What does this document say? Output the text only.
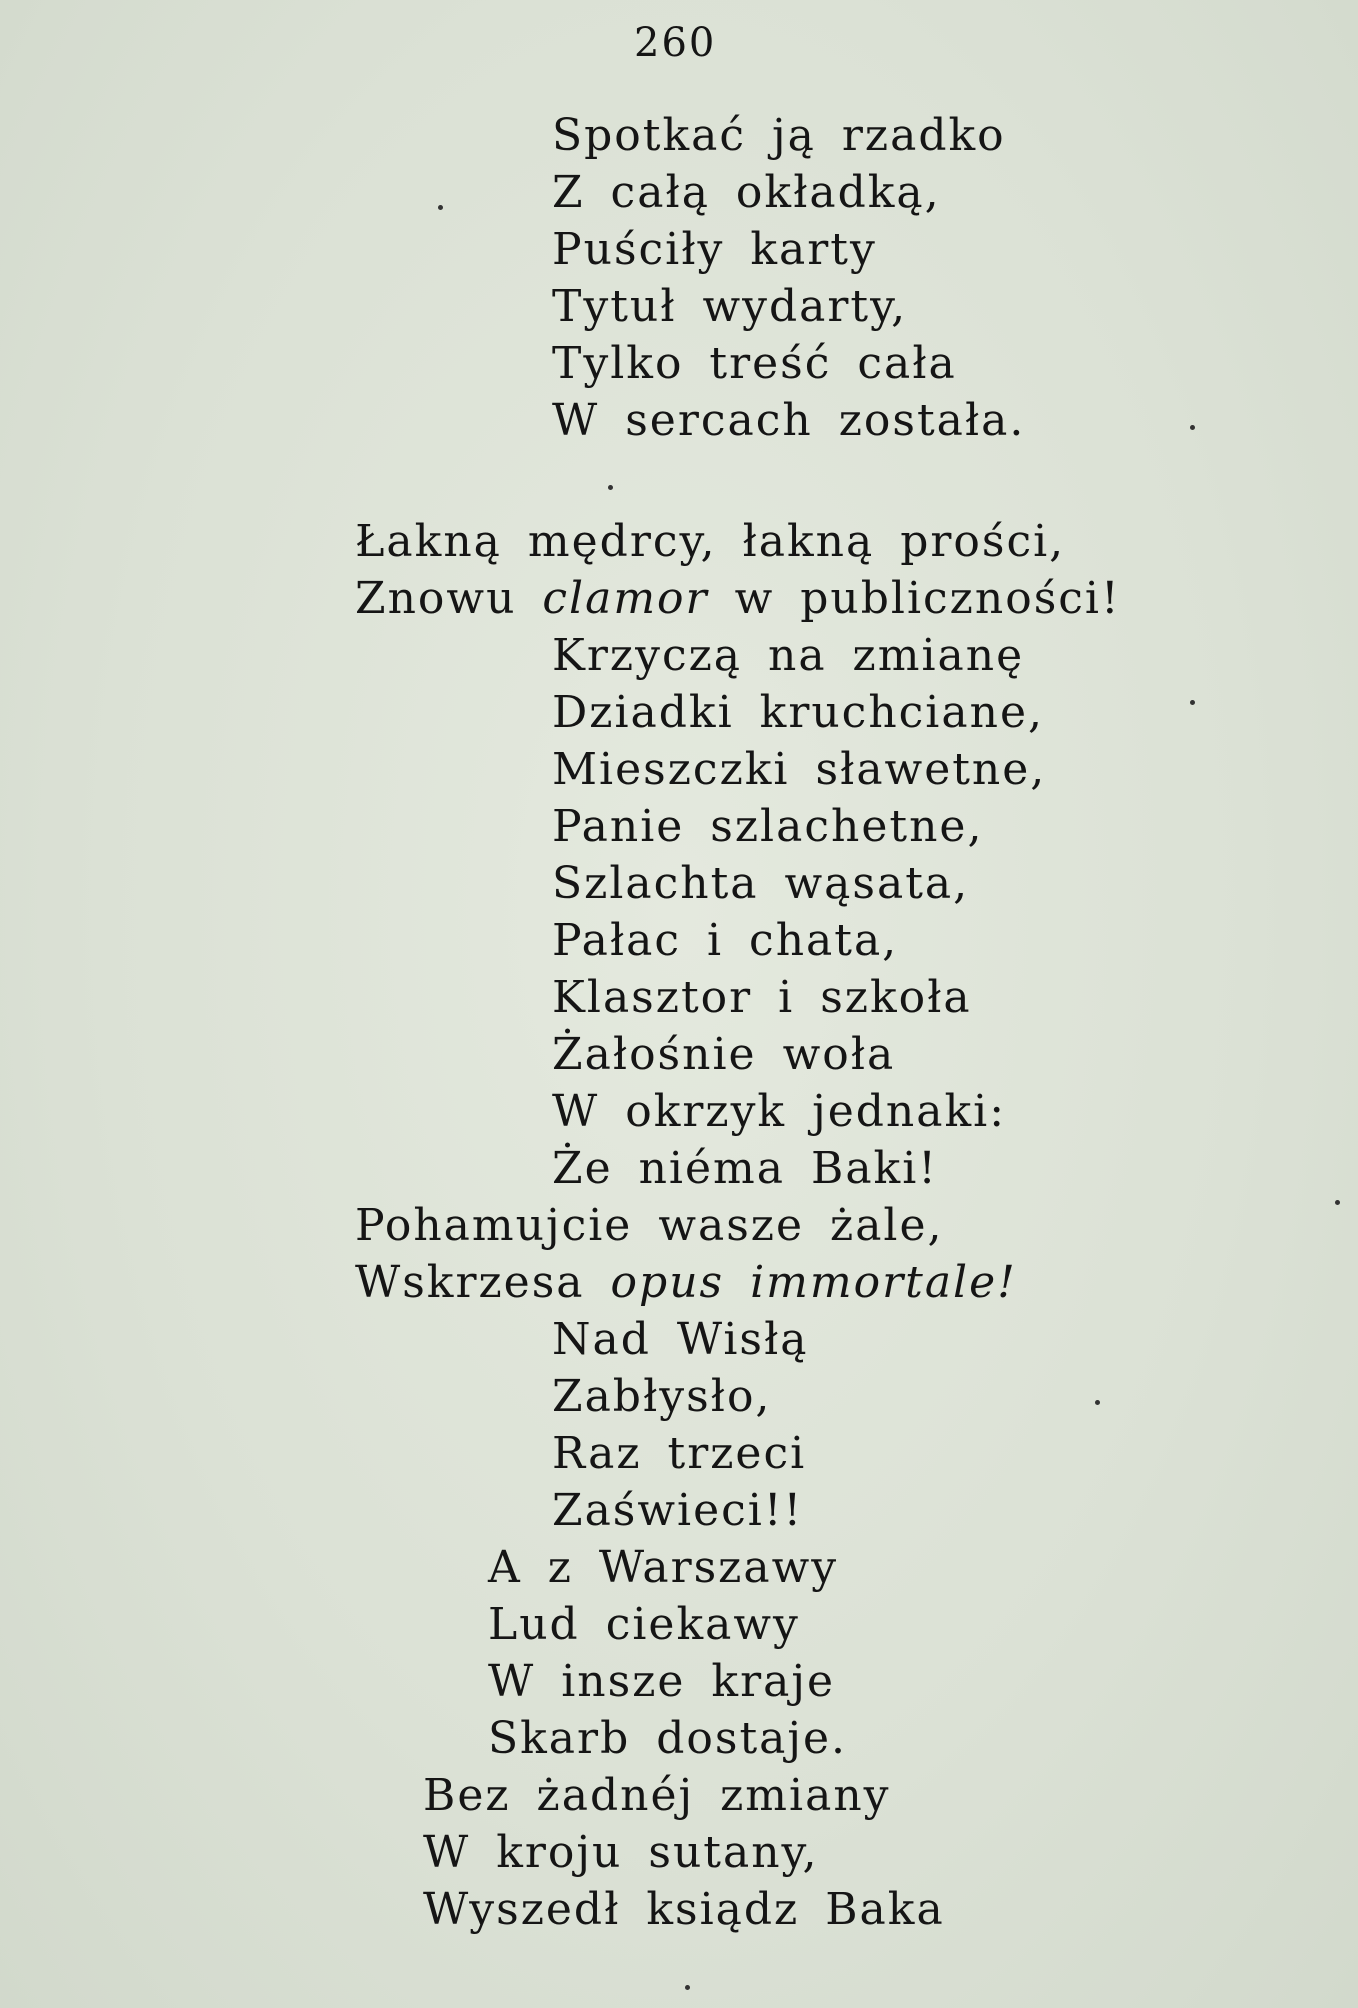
260
Spotkać ją rzadko
Z całą okładką,
Puściły karty
Tytuł wydarty,
Tylko treść cała
W sercach została.
Łakną mędrcy, łakną prości,
Znowu clamor w publiczności!
Krzyczą na zmianę
Dziadki kruchciane,
Mieszczki sławetne,
Panie szlachetne,
Szlachta wąsata,
Pałac i chata,
Klasztor i szkoła
Żałośnie woła
W okrzyk jednaki:
Że niéma Baki!
Pohamujcie wasze żale,
Wskrzesa opus immortale!
Nad Wisłą
Zabłysło,
Raz trzeci
Zaświeci!!
A z Warszawy
Lud ciekawy
W insze kraje
Skarb dostaje.
Bez żadnéj zmiany
W kroju sutany,
Wyszedł ksiądz Baka
